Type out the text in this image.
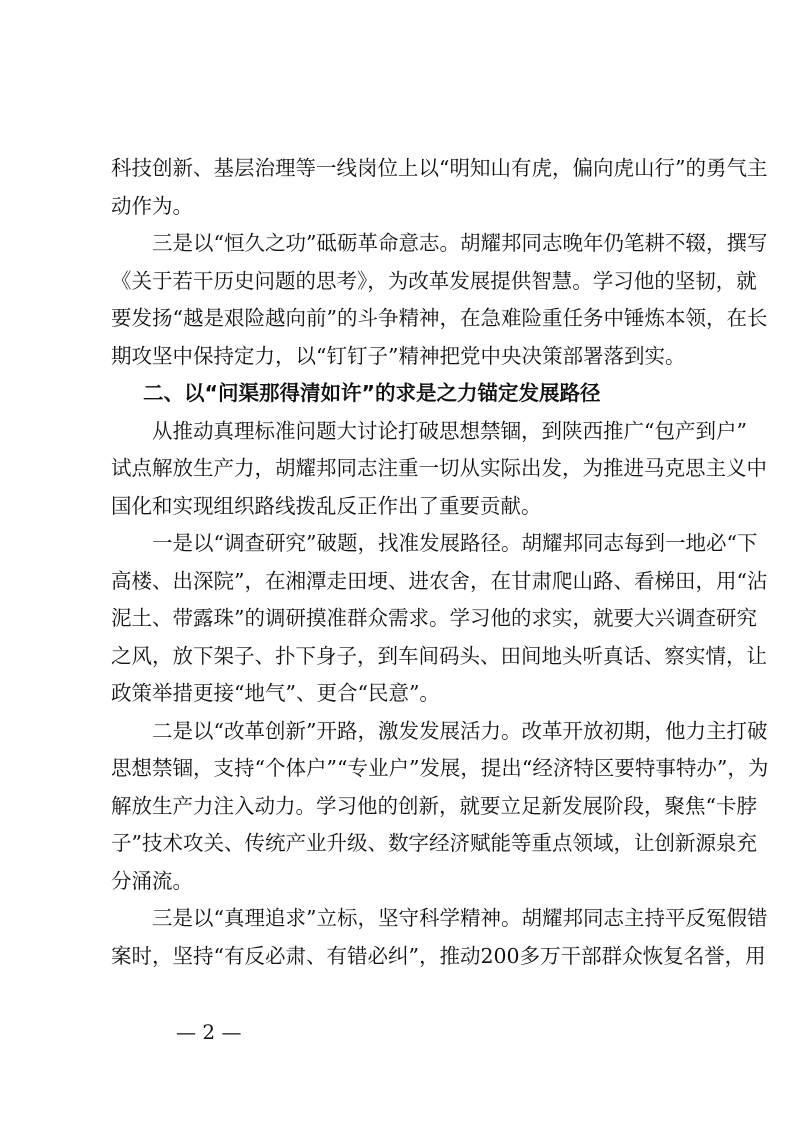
科技创新、基层治理等一线岗位上以“明知山有虎，偏向虎山行”的勇气主
动作为。
三是以“恒久之功”砥砺革命意志。胡耀邦同志晚年仍笔耕不辍，撰写
《关于若干历史问题的思考》，为改革发展提供智慧。学习他的坚韧，就
要发扬“越是艰险越向前”的斗争精神，在急难险重任务中锤炼本领，在长
期攻坚中保持定力，以“钉钉子”精神把党中央决策部署落到实。
二、以“问渠那得清如许”的求是之力锚定发展路径
从推动真理标准问题大讨论打破思想禁锢，到陕西推广“包产到户”
试点解放生产力，胡耀邦同志注重一切从实际出发，为推进马克思主义中
国化和实现组织路线拨乱反正作出了重要贡献。
一是以“调查研究”破题，找准发展路径。胡耀邦同志每到一地必“下
高楼、出深院”，在湘潭走田埂、进农舍，在甘肃爬山路、看梯田，用“沾
泥土、带露珠”的调研摸准群众需求。学习他的求实，就要大兴调查研究
之风，放下架子、扑下身子，到车间码头、田间地头听真话、察实情，让
政策举措更接“地气”、更合“民意”。
二是以“改革创新”开路，激发发展活力。改革开放初期，他力主打破
思想禁锢，支持“个体户”“专业户”发展，提出“经济特区要特事特办”，为
解放生产力注入动力。学习他的创新，就要立足新发展阶段，聚焦“卡脖
子”技术攻关、传统产业升级、数字经济赋能等重点领域，让创新源泉充
分涌流。
三是以“真理追求”立标，坚守科学精神。胡耀邦同志主持平反冤假错
案时，坚持“有反必肃、有错必纠”，推动200多万干部群众恢复名誉，用
— 2 —
